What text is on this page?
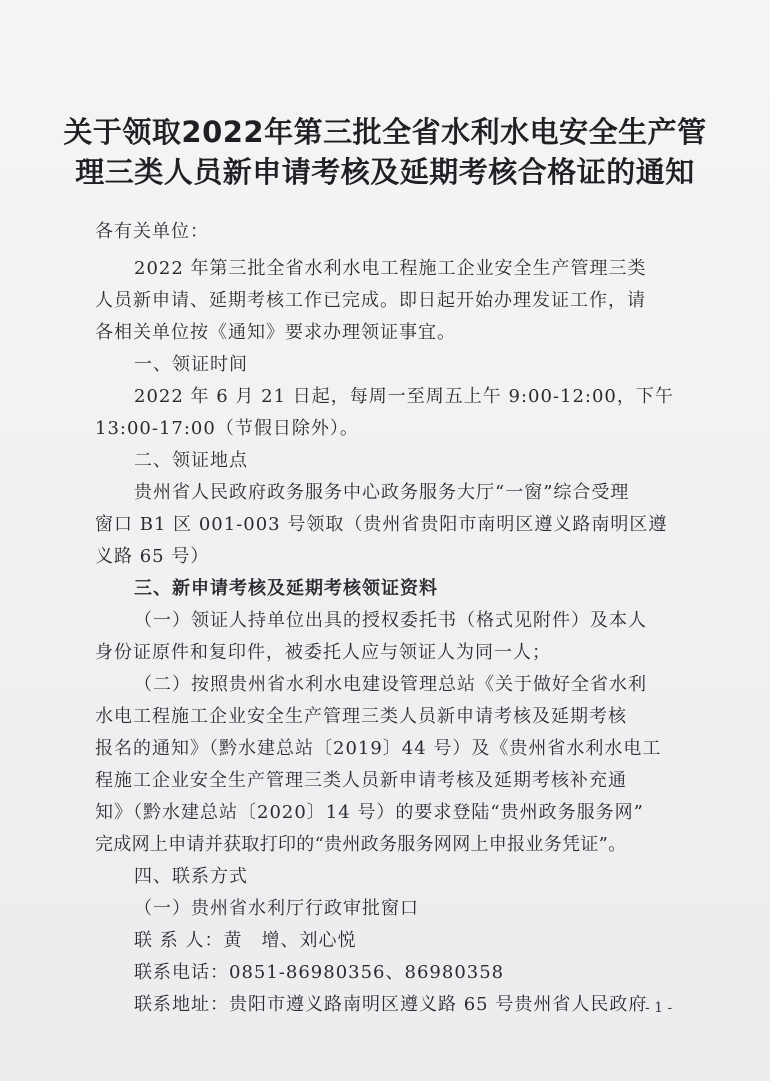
关于领取2022年第三批全省水利水电安全生产管
理三类人员新申请考核及延期考核合格证的通知
各有关单位：
2022 年第三批全省水利水电工程施工企业安全生产管理三类
人员新申请、延期考核工作已完成。即日起开始办理发证工作，请
各相关单位按《通知》要求办理领证事宜。
一、领证时间
2022 年 6 月 21 日起，每周一至周五上午 9:00-12:00，下午
13:00-17:00（节假日除外）。
二、领证地点
贵州省人民政府政务服务中心政务服务大厅“一窗”综合受理
窗口 B1 区 001-003 号领取（贵州省贵阳市南明区遵义路南明区遵
义路 65 号）
三、新申请考核及延期考核领证资料
（一）领证人持单位出具的授权委托书（格式见附件）及本人
身份证原件和复印件，被委托人应与领证人为同一人；
（二）按照贵州省水利水电建设管理总站《关于做好全省水利
水电工程施工企业安全生产管理三类人员新申请考核及延期考核
报名的通知》（黔水建总站〔2019〕44 号）及《贵州省水利水电工
程施工企业安全生产管理三类人员新申请考核及延期考核补充通
知》（黔水建总站〔2020〕14 号）的要求登陆“贵州政务服务网”
完成网上申请并获取打印的“贵州政务服务网网上申报业务凭证”。
四、联系方式
（一）贵州省水利厅行政审批窗口
联 系 人：黄　增、刘心悦
联系电话：0851-86980356、86980358
联系地址：贵阳市遵义路南明区遵义路 65 号贵州省人民政府
- 1 -
